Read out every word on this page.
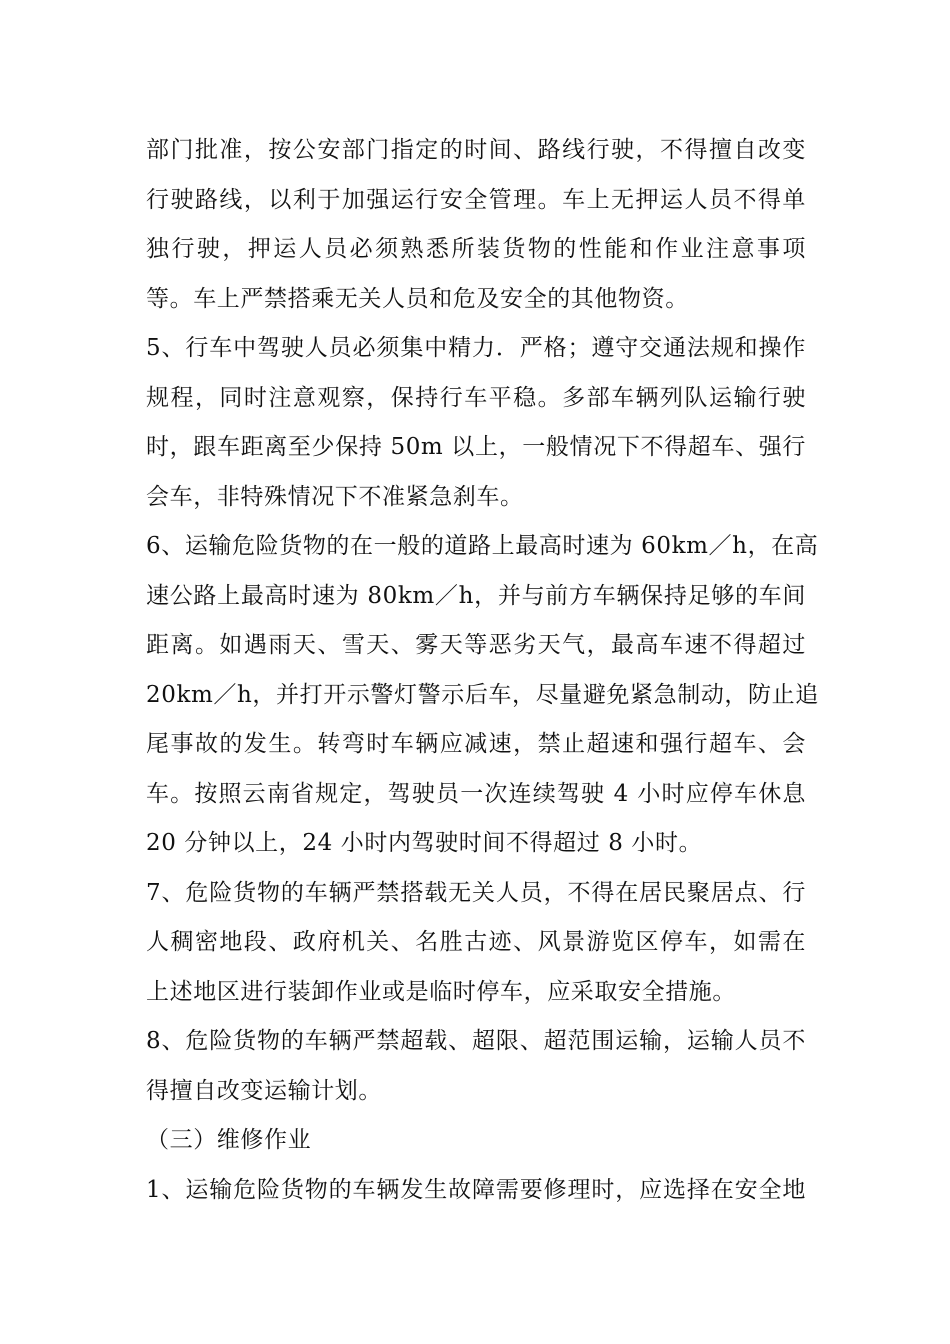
部门批准，按公安部门指定的时间、路线行驶，不得擅自改变
行驶路线，以利于加强运行安全管理。车上无押运人员不得单
独行驶，押运人员必须熟悉所装货物的性能和作业注意事项
等。车上严禁搭乘无关人员和危及安全的其他物资。

5、行车中驾驶人员必须集中精力．严格；遵守交通法规和操作
规程，同时注意观察，保持行车平稳。多部车辆列队运输行驶
时，跟车距离至少保持 50m 以上，一般情况下不得超车、强行
会车，非特殊情况下不准紧急刹车。

6、运输危险货物的在一般的道路上最高时速为 60km／h，在高
速公路上最高时速为 80km／h，并与前方车辆保持足够的车间
距离。如遇雨天、雪天、雾天等恶劣天气，最高车速不得超过
20km／h，并打开示警灯警示后车，尽量避免紧急制动，防止追
尾事故的发生。转弯时车辆应减速，禁止超速和强行超车、会
车。按照云南省规定，驾驶员一次连续驾驶 4 小时应停车休息
20 分钟以上，24 小时内驾驶时间不得超过 8 小时。

7、危险货物的车辆严禁搭载无关人员，不得在居民聚居点、行
人稠密地段、政府机关、名胜古迹、风景游览区停车，如需在
上述地区进行装卸作业或是临时停车，应采取安全措施。

8、危险货物的车辆严禁超载、超限、超范围运输，运输人员不
得擅自改变运输计划。

（三）维修作业

1、运输危险货物的车辆发生故障需要修理时，应选择在安全地
